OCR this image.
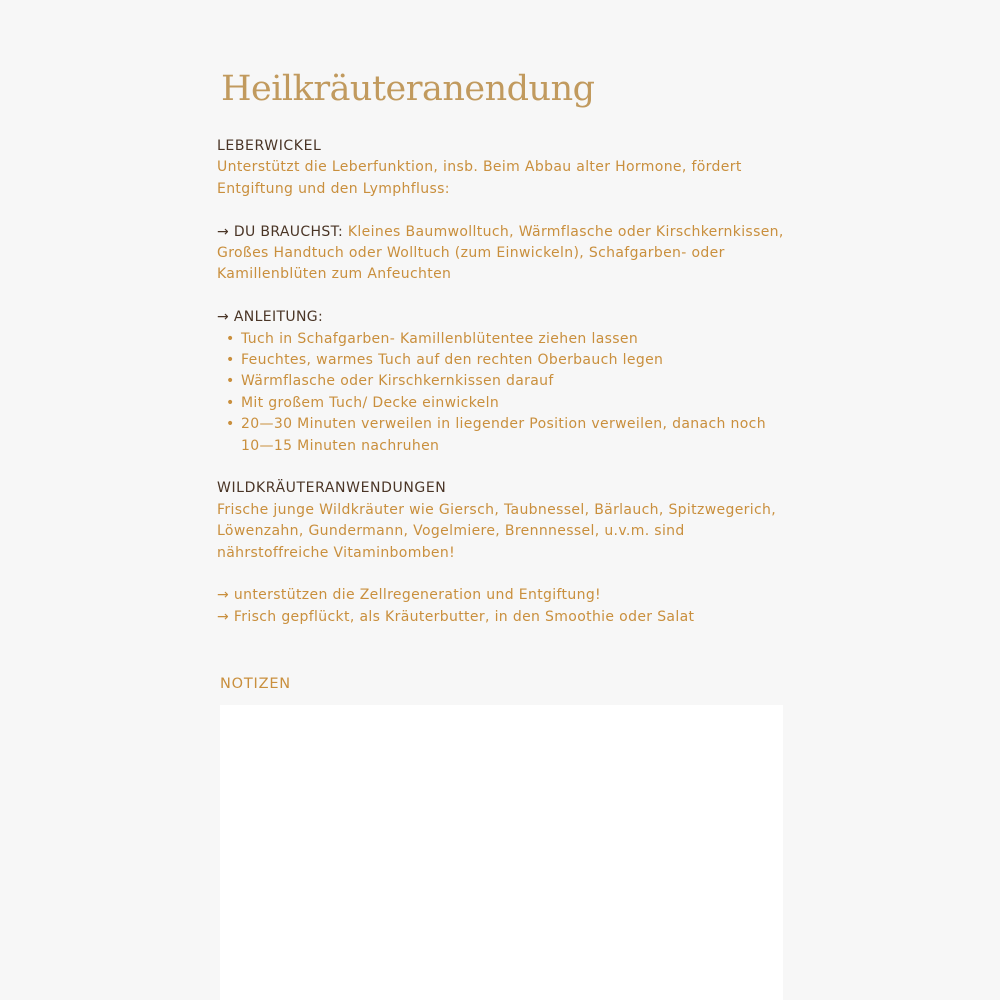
Heilkräuteranendung

LEBERWICKEL

Unterstützt die Leberfunktion, insb. Beim Abbau alter Hormone, fördert Entgiftung und den Lymphfluss:

→ DU BRAUCHST: Kleines Baumwolltuch, Wärmflasche oder Kirschkernkissen, Großes Handtuch oder Wolltuch (zum Einwickeln), Schafgarben- oder Kamillenblüten zum Anfeuchten

→ ANLEITUNG:

• Tuch in Schafgarben- Kamillenblütentee ziehen lassen
• Feuchtes, warmes Tuch auf den rechten Oberbauch legen
• Wärmflasche oder Kirschkernkissen darauf
• Mit großem Tuch/ Decke einwickeln
• 20—30 Minuten verweilen in liegender Position verweilen, danach noch 10—15 Minuten nachruhen

WILDKRÄUTERANWENDUNGEN

Frische junge Wildkräuter wie Giersch, Taubnessel, Bärlauch, Spitzwegerich, Löwenzahn, Gundermann, Vogelmiere, Brennnessel, u.v.m. sind nährstoffreiche Vitaminbomben!

→ unterstützen die Zellregeneration und Entgiftung!

→ Frisch gepflückt, als Kräuterbutter, in den Smoothie oder Salat

NOTIZEN
